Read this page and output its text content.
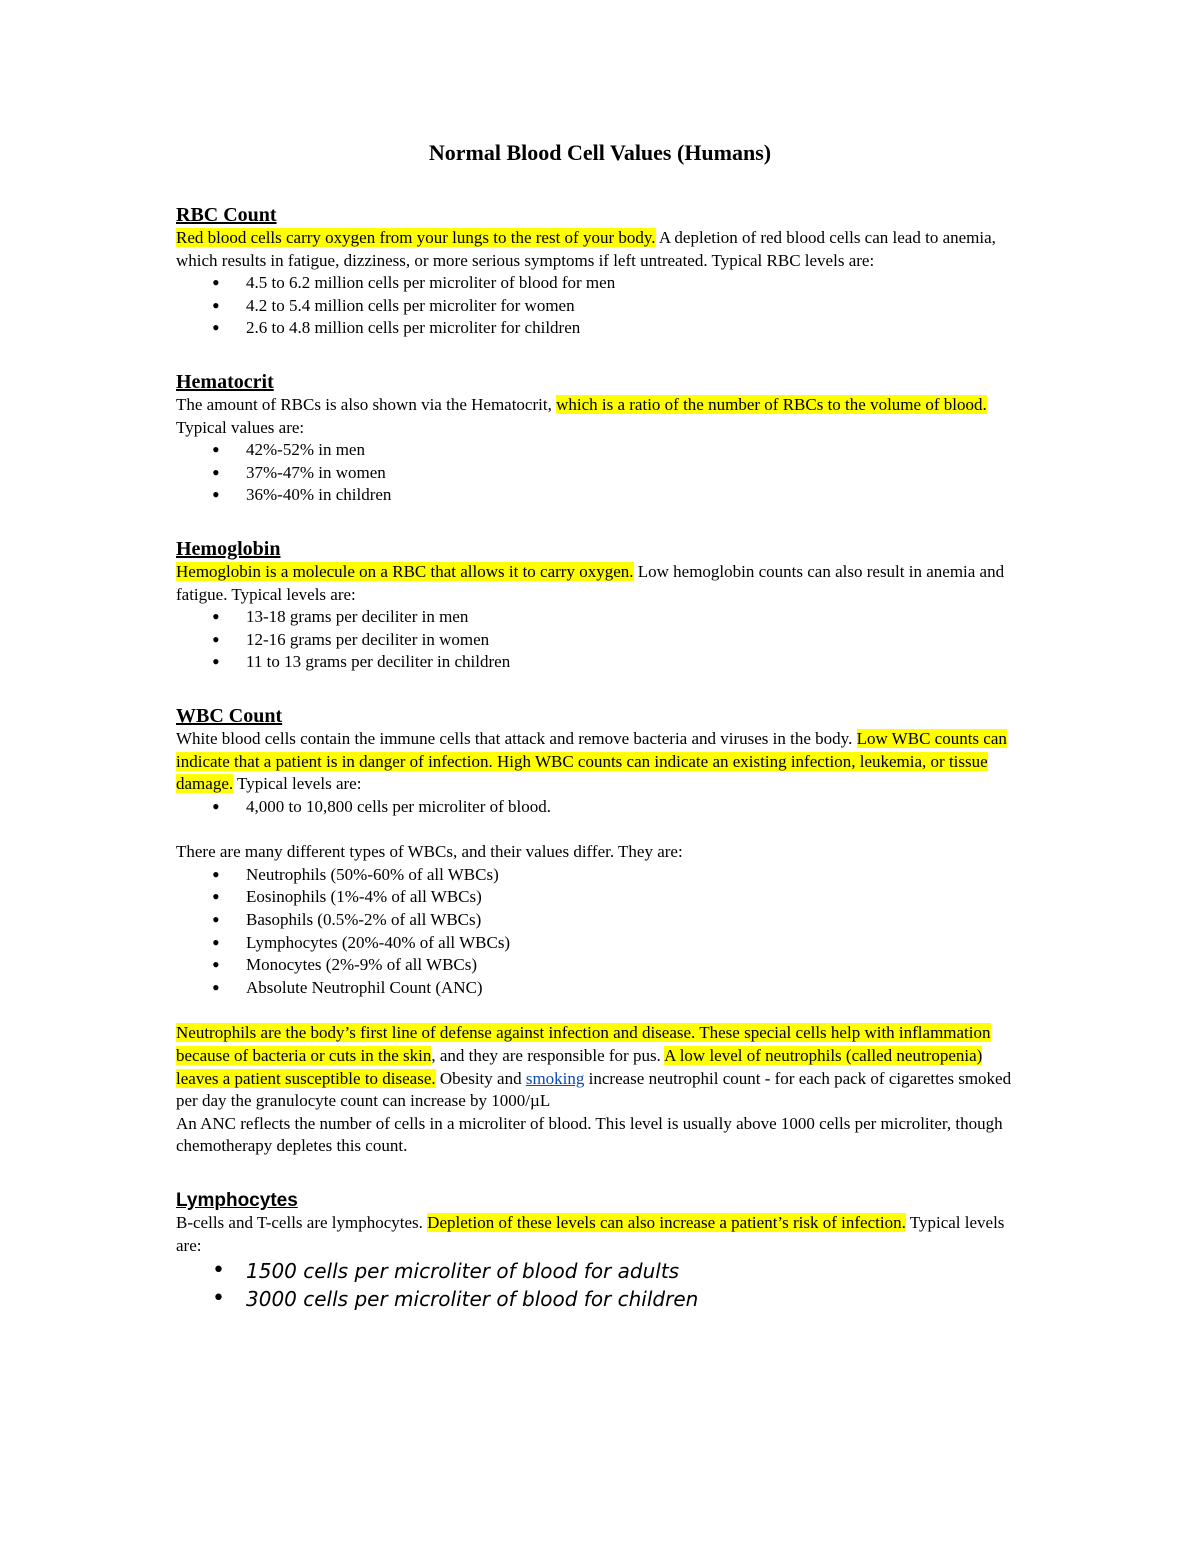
Normal Blood Cell Values (Humans)
RBC Count

Red blood cells carry oxygen from your lungs to the rest of your body. A depletion of red blood cells can lead to anemia, which results in fatigue, dizziness, or more serious symptoms if left untreated. Typical RBC levels are:

• 4.5 to 6.2 million cells per microliter of blood for men
• 4.2 to 5.4 million cells per microliter for women
• 2.6 to 4.8 million cells per microliter for children
Hematocrit

The amount of RBCs is also shown via the Hematocrit, which is a ratio of the number of RBCs to the volume of blood. Typical values are:

• 42%-52% in men
• 37%-47% in women
• 36%-40% in children
Hemoglobin

Hemoglobin is a molecule on a RBC that allows it to carry oxygen. Low hemoglobin counts can also result in anemia and fatigue. Typical levels are:

• 13-18 grams per deciliter in men
• 12-16 grams per deciliter in women
• 11 to 13 grams per deciliter in children
WBC Count

White blood cells contain the immune cells that attack and remove bacteria and viruses in the body. Low WBC counts can indicate that a patient is in danger of infection. High WBC counts can indicate an existing infection, leukemia, or tissue damage. Typical levels are:

• 4,000 to 10,800 cells per microliter of blood.

There are many different types of WBCs, and their values differ. They are:

• Neutrophils (50%-60% of all WBCs)
• Eosinophils (1%-4% of all WBCs)
• Basophils (0.5%-2% of all WBCs)
• Lymphocytes (20%-40% of all WBCs)
• Monocytes (2%-9% of all WBCs)
• Absolute Neutrophil Count (ANC)

Neutrophils are the body’s first line of defense against infection and disease. These special cells help with inflammation because of bacteria or cuts in the skin, and they are responsible for pus. A low level of neutrophils (called neutropenia) leaves a patient susceptible to disease. Obesity and smoking increase neutrophil count - for each pack of cigarettes smoked per day the granulocyte count can increase by 1000/µL

An ANC reflects the number of cells in a microliter of blood. This level is usually above 1000 cells per microliter, though chemotherapy depletes this count.

Lymphocytes

B-cells and T-cells are lymphocytes. Depletion of these levels can also increase a patient’s risk of infection. Typical levels are:

• 1500 cells per microliter of blood for adults
• 3000 cells per microliter of blood for children
